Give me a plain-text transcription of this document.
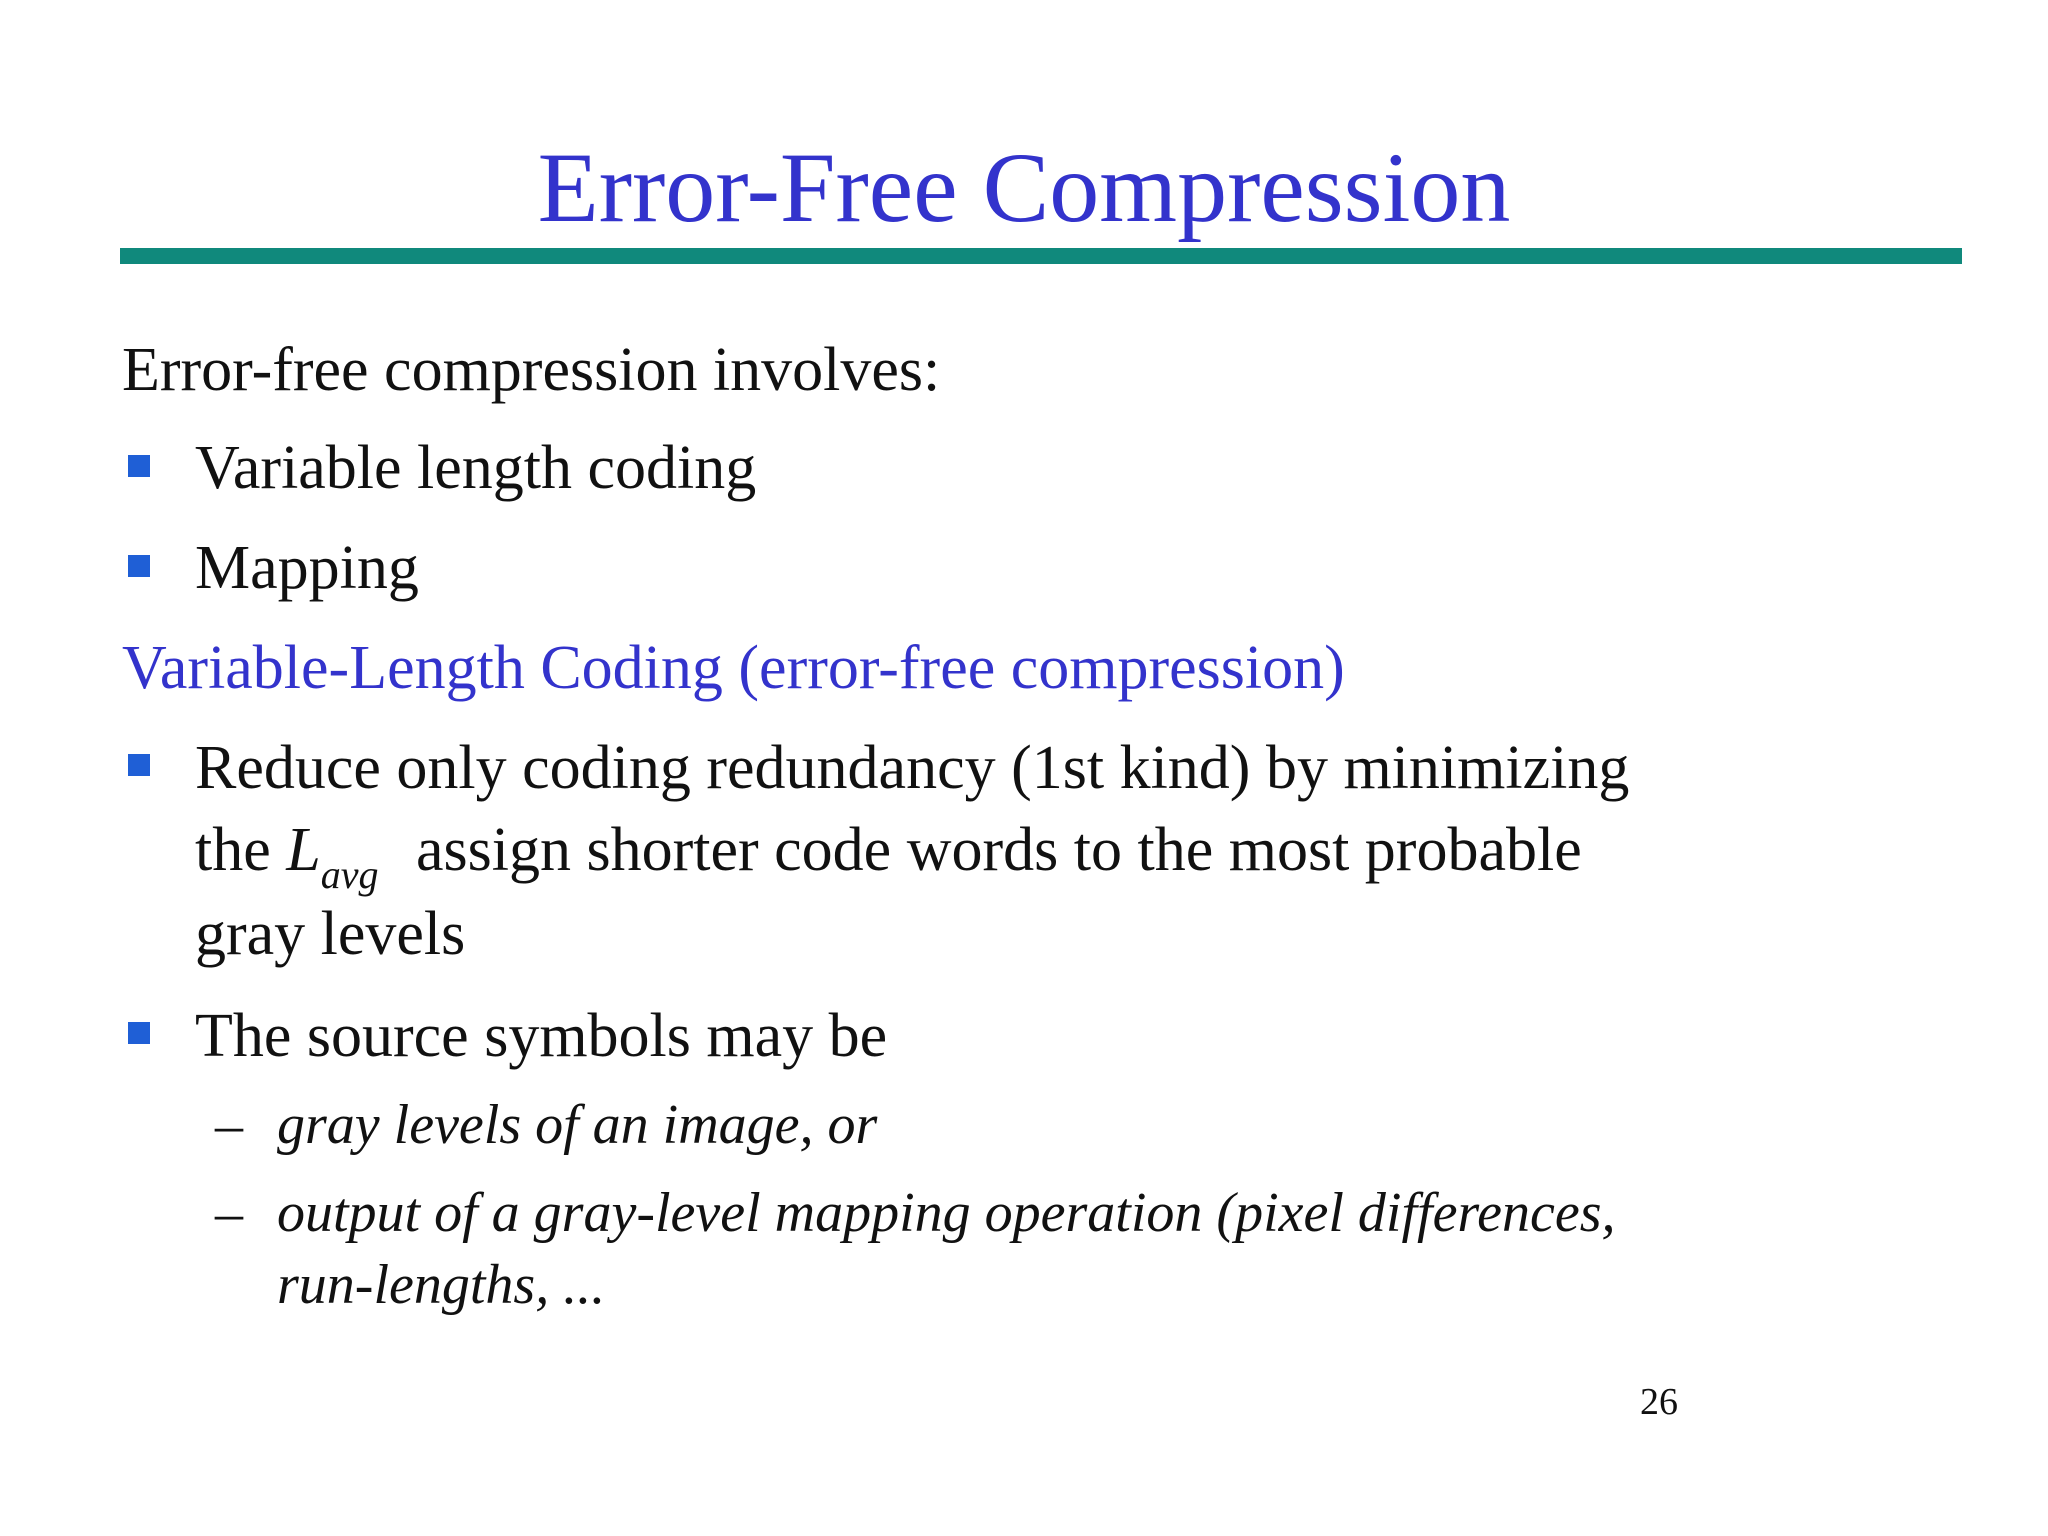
Error-Free Compression
Error-free compression involves:
Variable length coding
Mapping
Variable-Length Coding (error-free compression)
Reduce only coding redundancy (1st kind) by minimizing
the $L_{avg}$ assign shorter code words to the most probable
gray levels
The source symbols may be
– gray levels of an image, or
– output of a gray-level mapping operation (pixel differences,
run-lengths, ...
26
